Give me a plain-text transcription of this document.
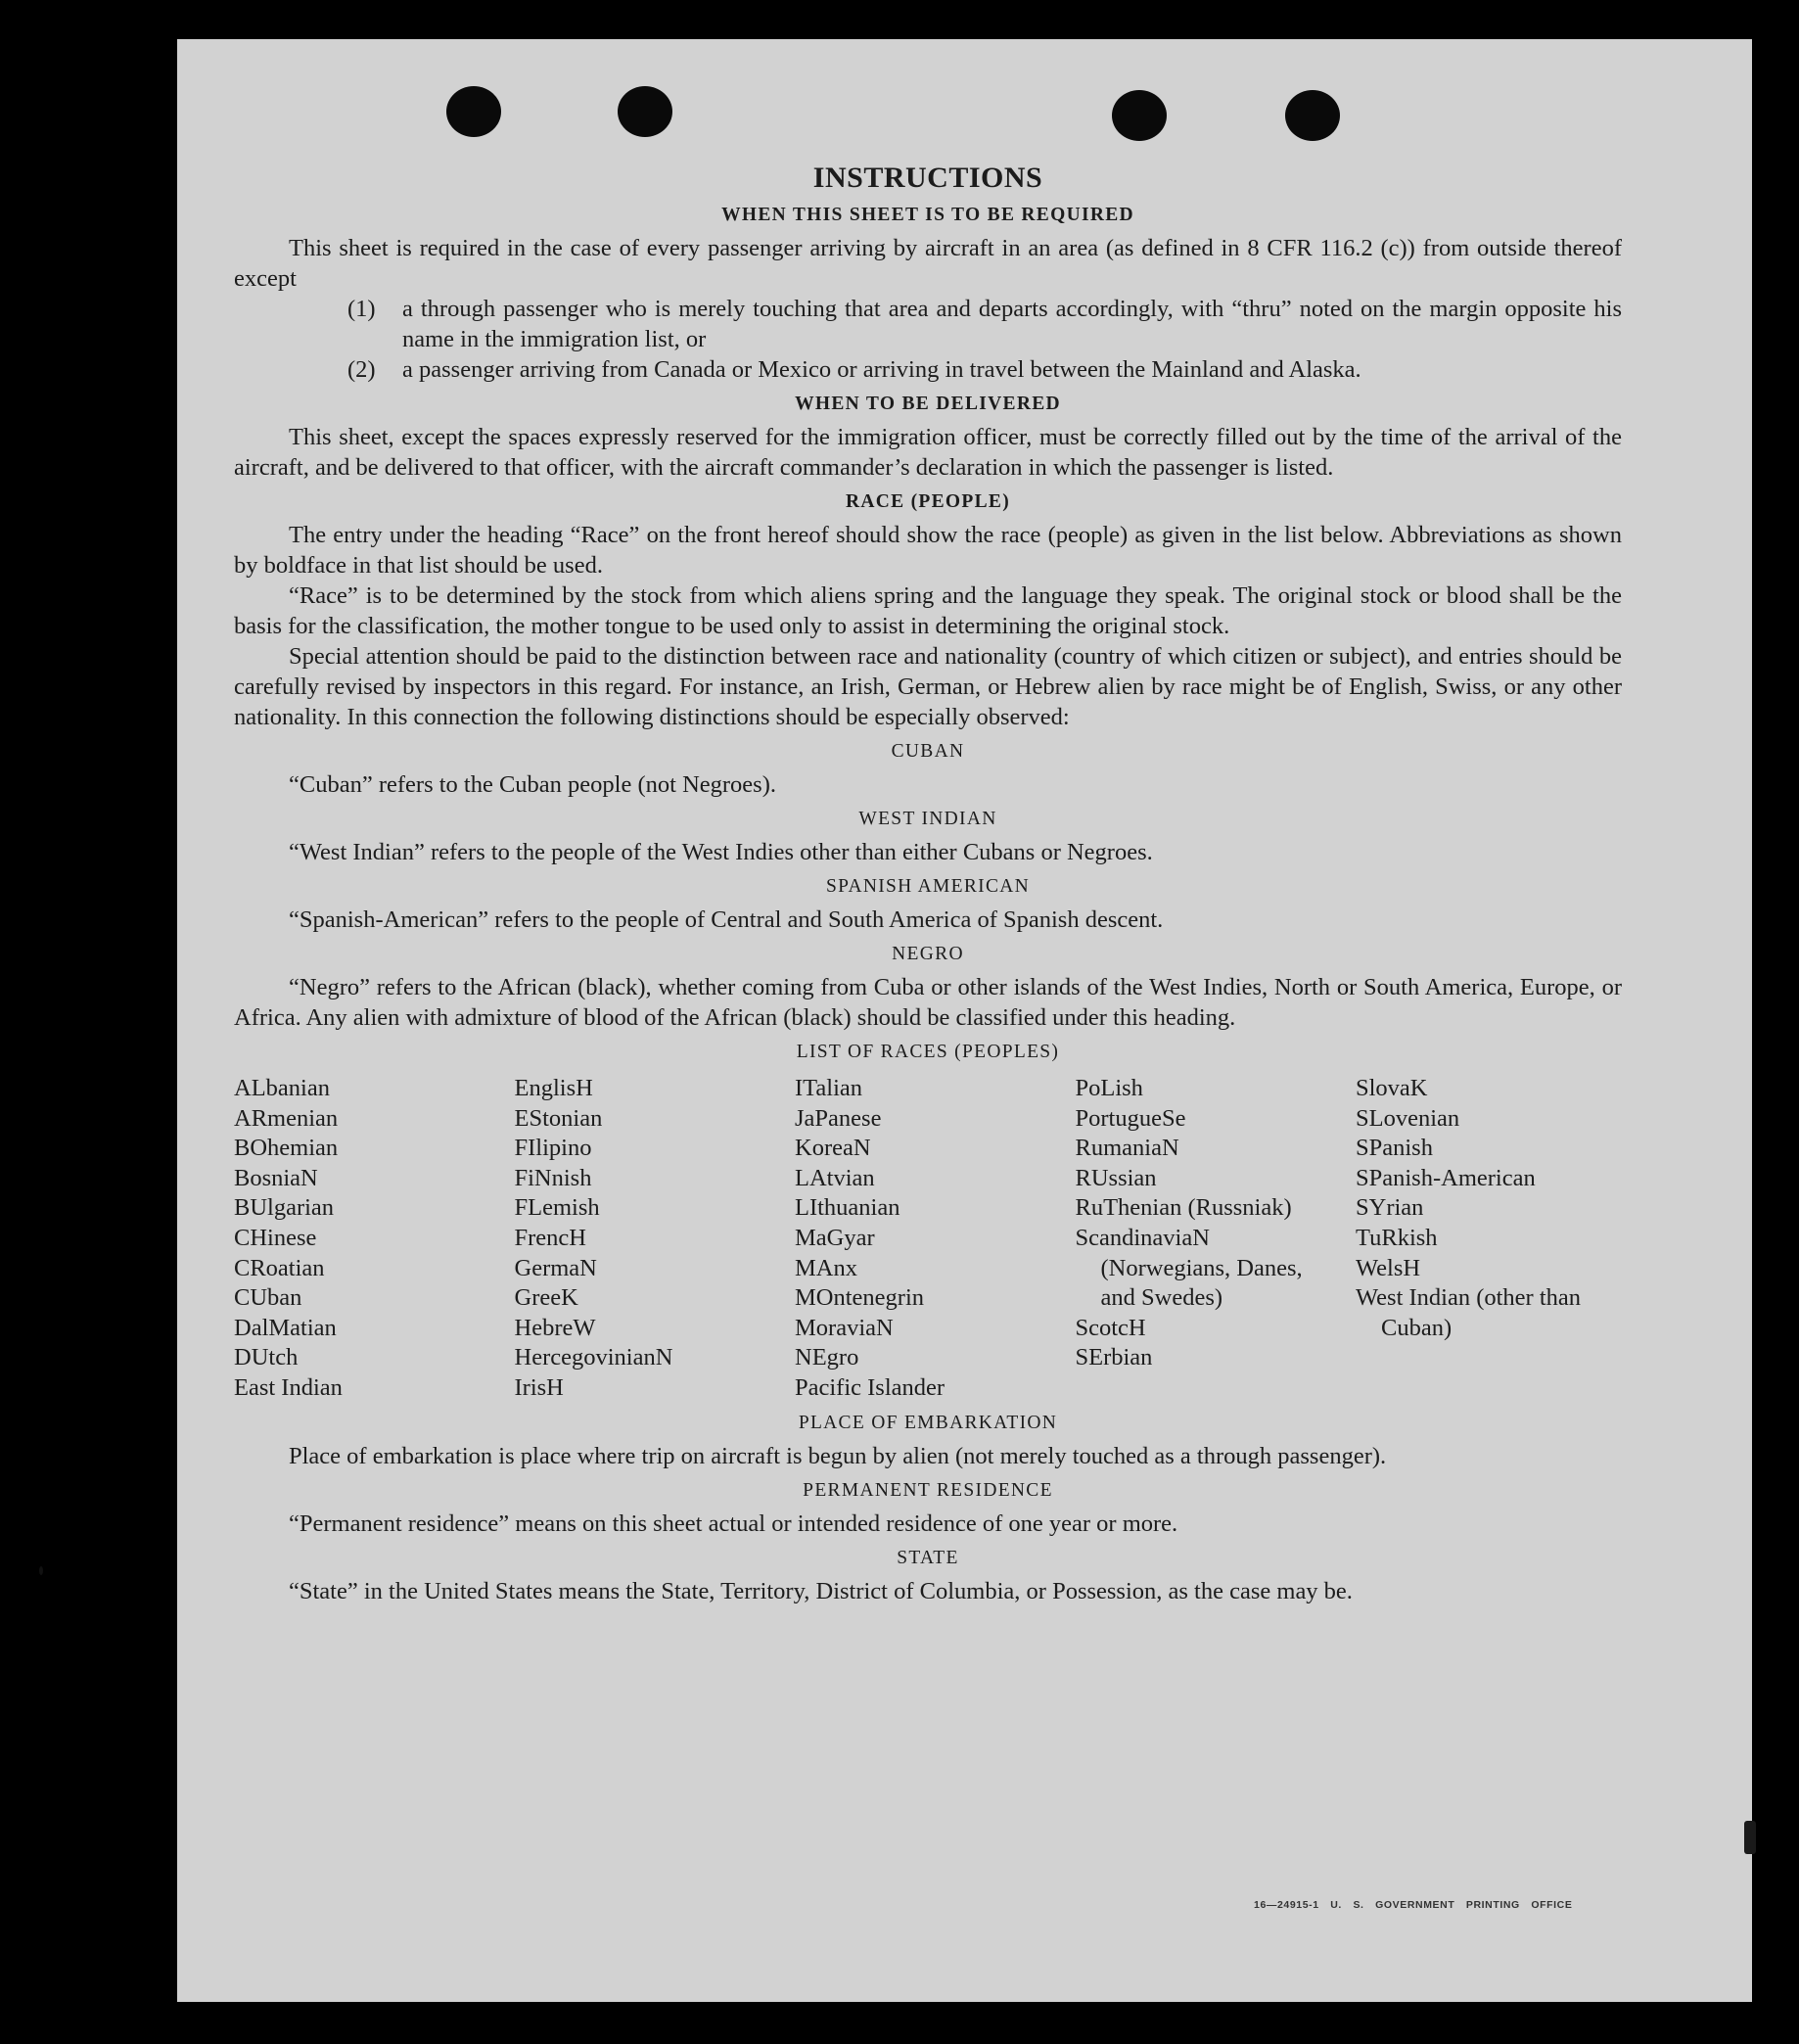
INSTRUCTIONS
WHEN THIS SHEET IS TO BE REQUIRED

This sheet is required in the case of every passenger arriving by aircraft in an area (as defined in 8 CFR 116.2 (c)) from outside thereof except

(1)	a through passenger who is merely touching that area and departs accordingly, with “thru” noted on the margin opposite his name in the immigration list, or
(2)	a passenger arriving from Canada or Mexico or arriving in travel between the Mainland and Alaska.
WHEN TO BE DELIVERED

This sheet, except the spaces expressly reserved for the immigration officer, must be correctly filled out by the time of the arrival of the aircraft, and be delivered to that officer, with the aircraft commander’s declaration in which the passenger is listed.

RACE (PEOPLE)

The entry under the heading “Race” on the front hereof should show the race (people) as given in the list below. Abbreviations as shown by boldface in that list should be used.

“Race” is to be determined by the stock from which aliens spring and the language they speak. The original stock or blood shall be the basis for the classification, the mother tongue to be used only to assist in determining the original stock.

Special attention should be paid to the distinction between race and nationality (country of which citizen or subject), and entries should be carefully revised by inspectors in this regard. For instance, an Irish, German, or Hebrew alien by race might be of English, Swiss, or any other nationality. In this connection the following distinctions should be especially observed:

CUBAN

“Cuban” refers to the Cuban people (not Negroes).

WEST INDIAN

“West Indian” refers to the people of the West Indies other than either Cubans or Negroes.

SPANISH AMERICAN

“Spanish-American” refers to the people of Central and South America of Spanish descent.

NEGRO

“Negro” refers to the African (black), whether coming from Cuba or other islands of the West Indies, North or South America, Europe, or Africa. Any alien with admixture of blood of the African (black) should be classified under this heading.

LIST OF RACES (PEOPLES)
ALbanian
ARmenian
BOhemian
BosniaN
BUlgarian
CHinese
CRoatian
CUban
DalMatian
DUtch
East Indian
EnglisH
EStonian
FIlipino
FiNnish
FLemish
FrencH
GermaN
GreeK
HebreW
HercegovinianN
IrisH
ITalian
JaPanese
KoreaN
LAtvian
LIthuanian
MaGyar
MAnx
MOntenegrin
MoraviaN
NEgro
Pacific Islander
PoLish
PortugueSe
RumaniaN
RUssian
RuThenian (Russniak)
ScandinaviaN (Norwegians, Danes, and Swedes)
ScotcH
SErbian
SlovaK
SLovenian
SPanish
SPanish-American
SYrian
TuRkish
WelsH
West Indian (other than Cuban)
PLACE OF EMBARKATION

Place of embarkation is place where trip on aircraft is begun by alien (not merely touched as a through passenger).

PERMANENT RESIDENCE

“Permanent residence” means on this sheet actual or intended residence of one year or more.

STATE

“State” in the United States means the State, Territory, District of Columbia, or Possession, as the case may be.

16—24915-1 U. S. GOVERNMENT PRINTING OFFICE
